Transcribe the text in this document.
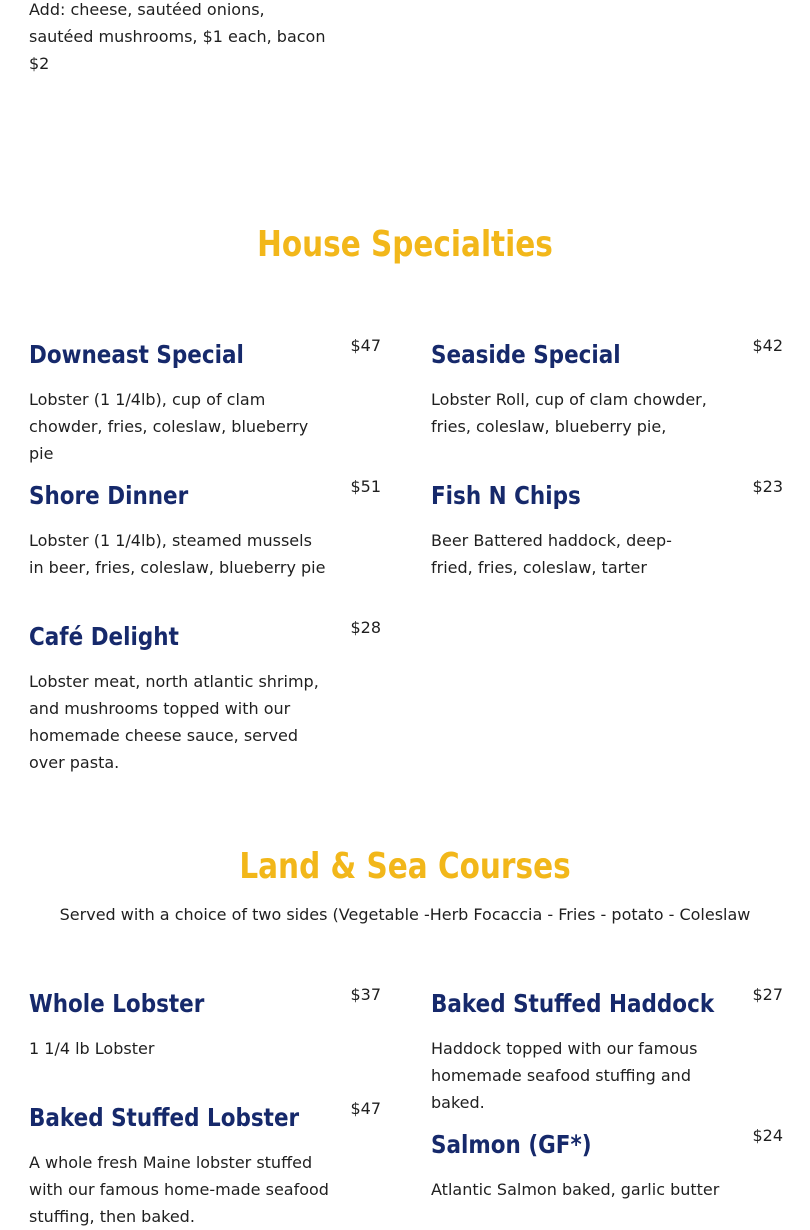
Add: cheese, sautéed onions, sautéed mushrooms, $1 each, bacon $2
House Specialties
Downeast Special	$47
Lobster (1 1/4lb), cup of clam chowder, fries, coleslaw, blueberry pie
Seaside Special	$42
Lobster Roll, cup of clam chowder, fries, coleslaw, blueberry pie,
Shore Dinner	$51
Lobster (1 1/4lb), steamed mussels in beer, fries, coleslaw, blueberry pie
Fish N Chips	$23
Beer Battered haddock, deep-fried, fries, coleslaw, tarter
Café Delight	$28
Lobster meat, north atlantic shrimp, and mushrooms topped with our homemade cheese sauce, served over pasta.
Land & Sea Courses
Served with a choice of two sides (Vegetable -Herb Focaccia - Fries - potato - Coleslaw
Whole Lobster	$37
1 1/4 lb Lobster
Baked Stuffed Haddock $27
Haddock topped with our famous homemade seafood stuffing and baked.
Baked Stuffed Lobster	$47
A whole fresh Maine lobster stuffed with our famous home-made seafood stuffing, then baked.
Salmon (GF*)	$24
Atlantic Salmon baked, garlic butter
